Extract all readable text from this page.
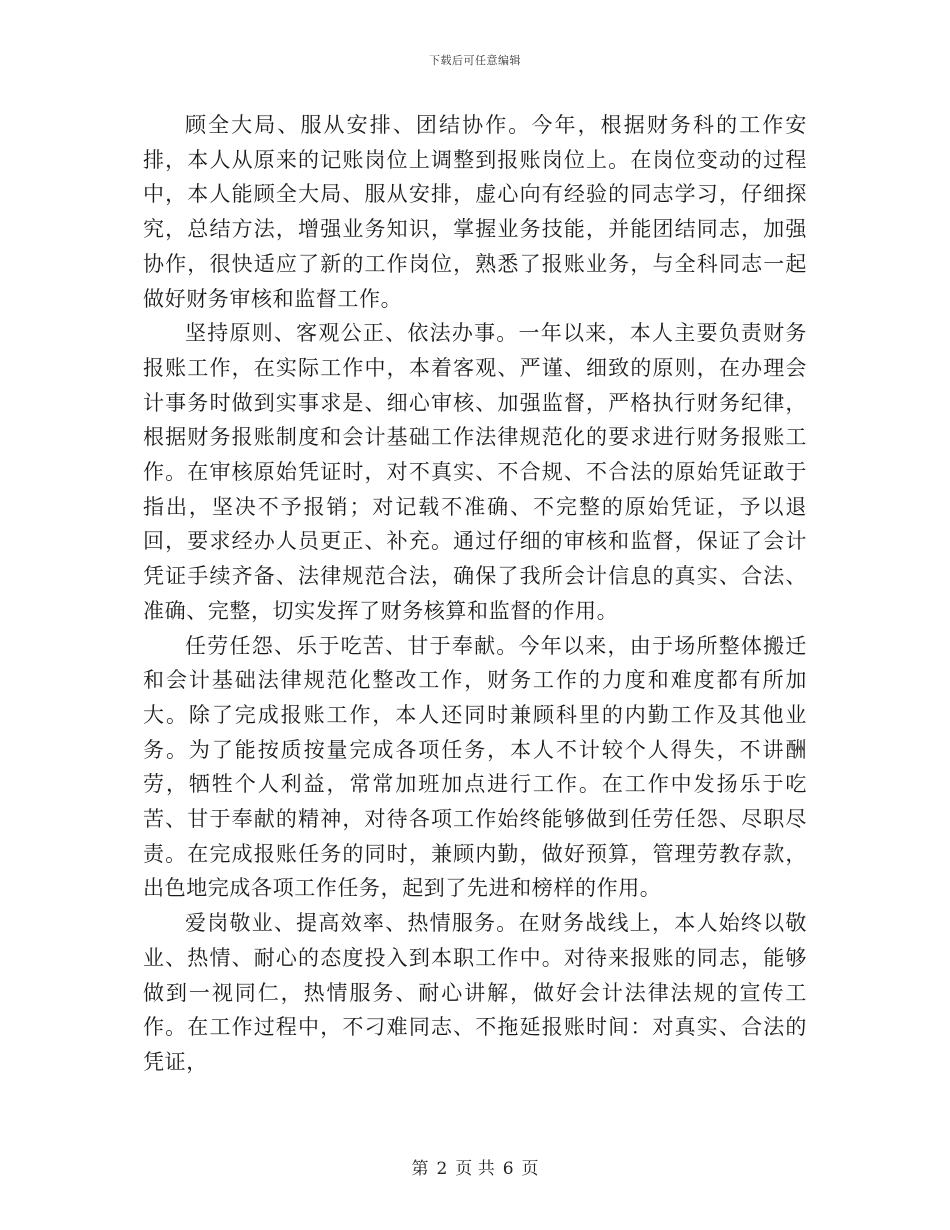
下载后可任意编辑

顾全大局、服从安排、团结协作。今年，根据财务科的工作安排，本人从原来的记账岗位上调整到报账岗位上。在岗位变动的过程中，本人能顾全大局、服从安排，虚心向有经验的同志学习，仔细探究，总结方法，增强业务知识，掌握业务技能，并能团结同志，加强协作，很快适应了新的工作岗位，熟悉了报账业务，与全科同志一起做好财务审核和监督工作。

坚持原则、客观公正、依法办事。一年以来，本人主要负责财务报账工作，在实际工作中，本着客观、严谨、细致的原则，在办理会计事务时做到实事求是、细心审核、加强监督，严格执行财务纪律，根据财务报账制度和会计基础工作法律规范化的要求进行财务报账工作。在审核原始凭证时，对不真实、不合规、不合法的原始凭证敢于指出，坚决不予报销；对记载不准确、不完整的原始凭证，予以退回，要求经办人员更正、补充。通过仔细的审核和监督，保证了会计凭证手续齐备、法律规范合法，确保了我所会计信息的真实、合法、准确、完整，切实发挥了财务核算和监督的作用。

任劳任怨、乐于吃苦、甘于奉献。今年以来，由于场所整体搬迁和会计基础法律规范化整改工作，财务工作的力度和难度都有所加大。除了完成报账工作，本人还同时兼顾科里的内勤工作及其他业务。为了能按质按量完成各项任务，本人不计较个人得失，不讲酬劳，牺牲个人利益，常常加班加点进行工作。在工作中发扬乐于吃苦、甘于奉献的精神，对待各项工作始终能够做到任劳任怨、尽职尽责。在完成报账任务的同时，兼顾内勤，做好预算，管理劳教存款，出色地完成各项工作任务，起到了先进和榜样的作用。

爱岗敬业、提高效率、热情服务。在财务战线上，本人始终以敬业、热情、耐心的态度投入到本职工作中。对待来报账的同志，能够做到一视同仁，热情服务、耐心讲解，做好会计法律法规的宣传工作。在工作过程中，不刁难同志、不拖延报账时间：对真实、合法的凭证，

第 2 页 共 6 页
